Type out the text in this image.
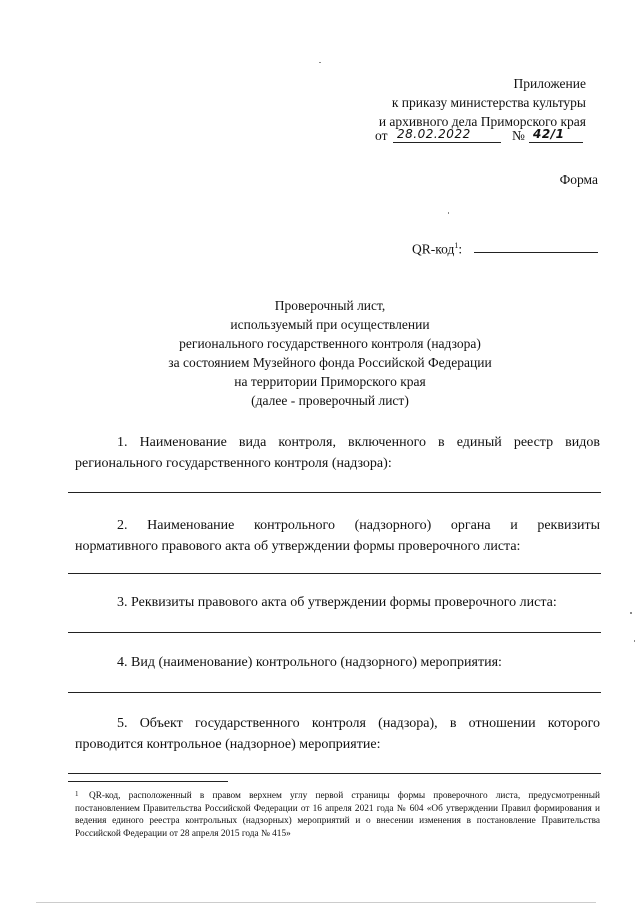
Приложение
к приказу министерства культуры
и архивного дела Приморского края
от 28.02.2022	№ 42/1
Форма
QR-код$^1$:
Проверочный лист,
используемый при осуществлении
регионального государственного контроля (надзора)
за состоянием Музейного фонда Российской Федерации
на территории Приморского края
(далее - проверочный лист)
1. Наименование вида контроля, включенного в единый реестр видов
регионального государственного контроля (надзора):
2. Наименование контрольного (надзорного) органа и реквизиты
нормативного правового акта об утверждении формы проверочного листа:
3. Реквизиты правового акта об утверждении формы проверочного листа:
4. Вид (наименование) контрольного (надзорного) мероприятия:
5. Объект государственного контроля (надзора), в отношении которого
проводится контрольное (надзорное) мероприятие:
1	QR-код, расположенный в правом верхнем углу первой страницы формы проверочного листа, предусмотренный постановлением Правительства Российской Федерации от 16 апреля 2021 года № 604 «Об утверждении Правил формирования и ведения единого реестра контрольных (надзорных) мероприятий и о внесении изменения в постановление Правительства Российской Федерации от 28 апреля 2015 года № 415»
